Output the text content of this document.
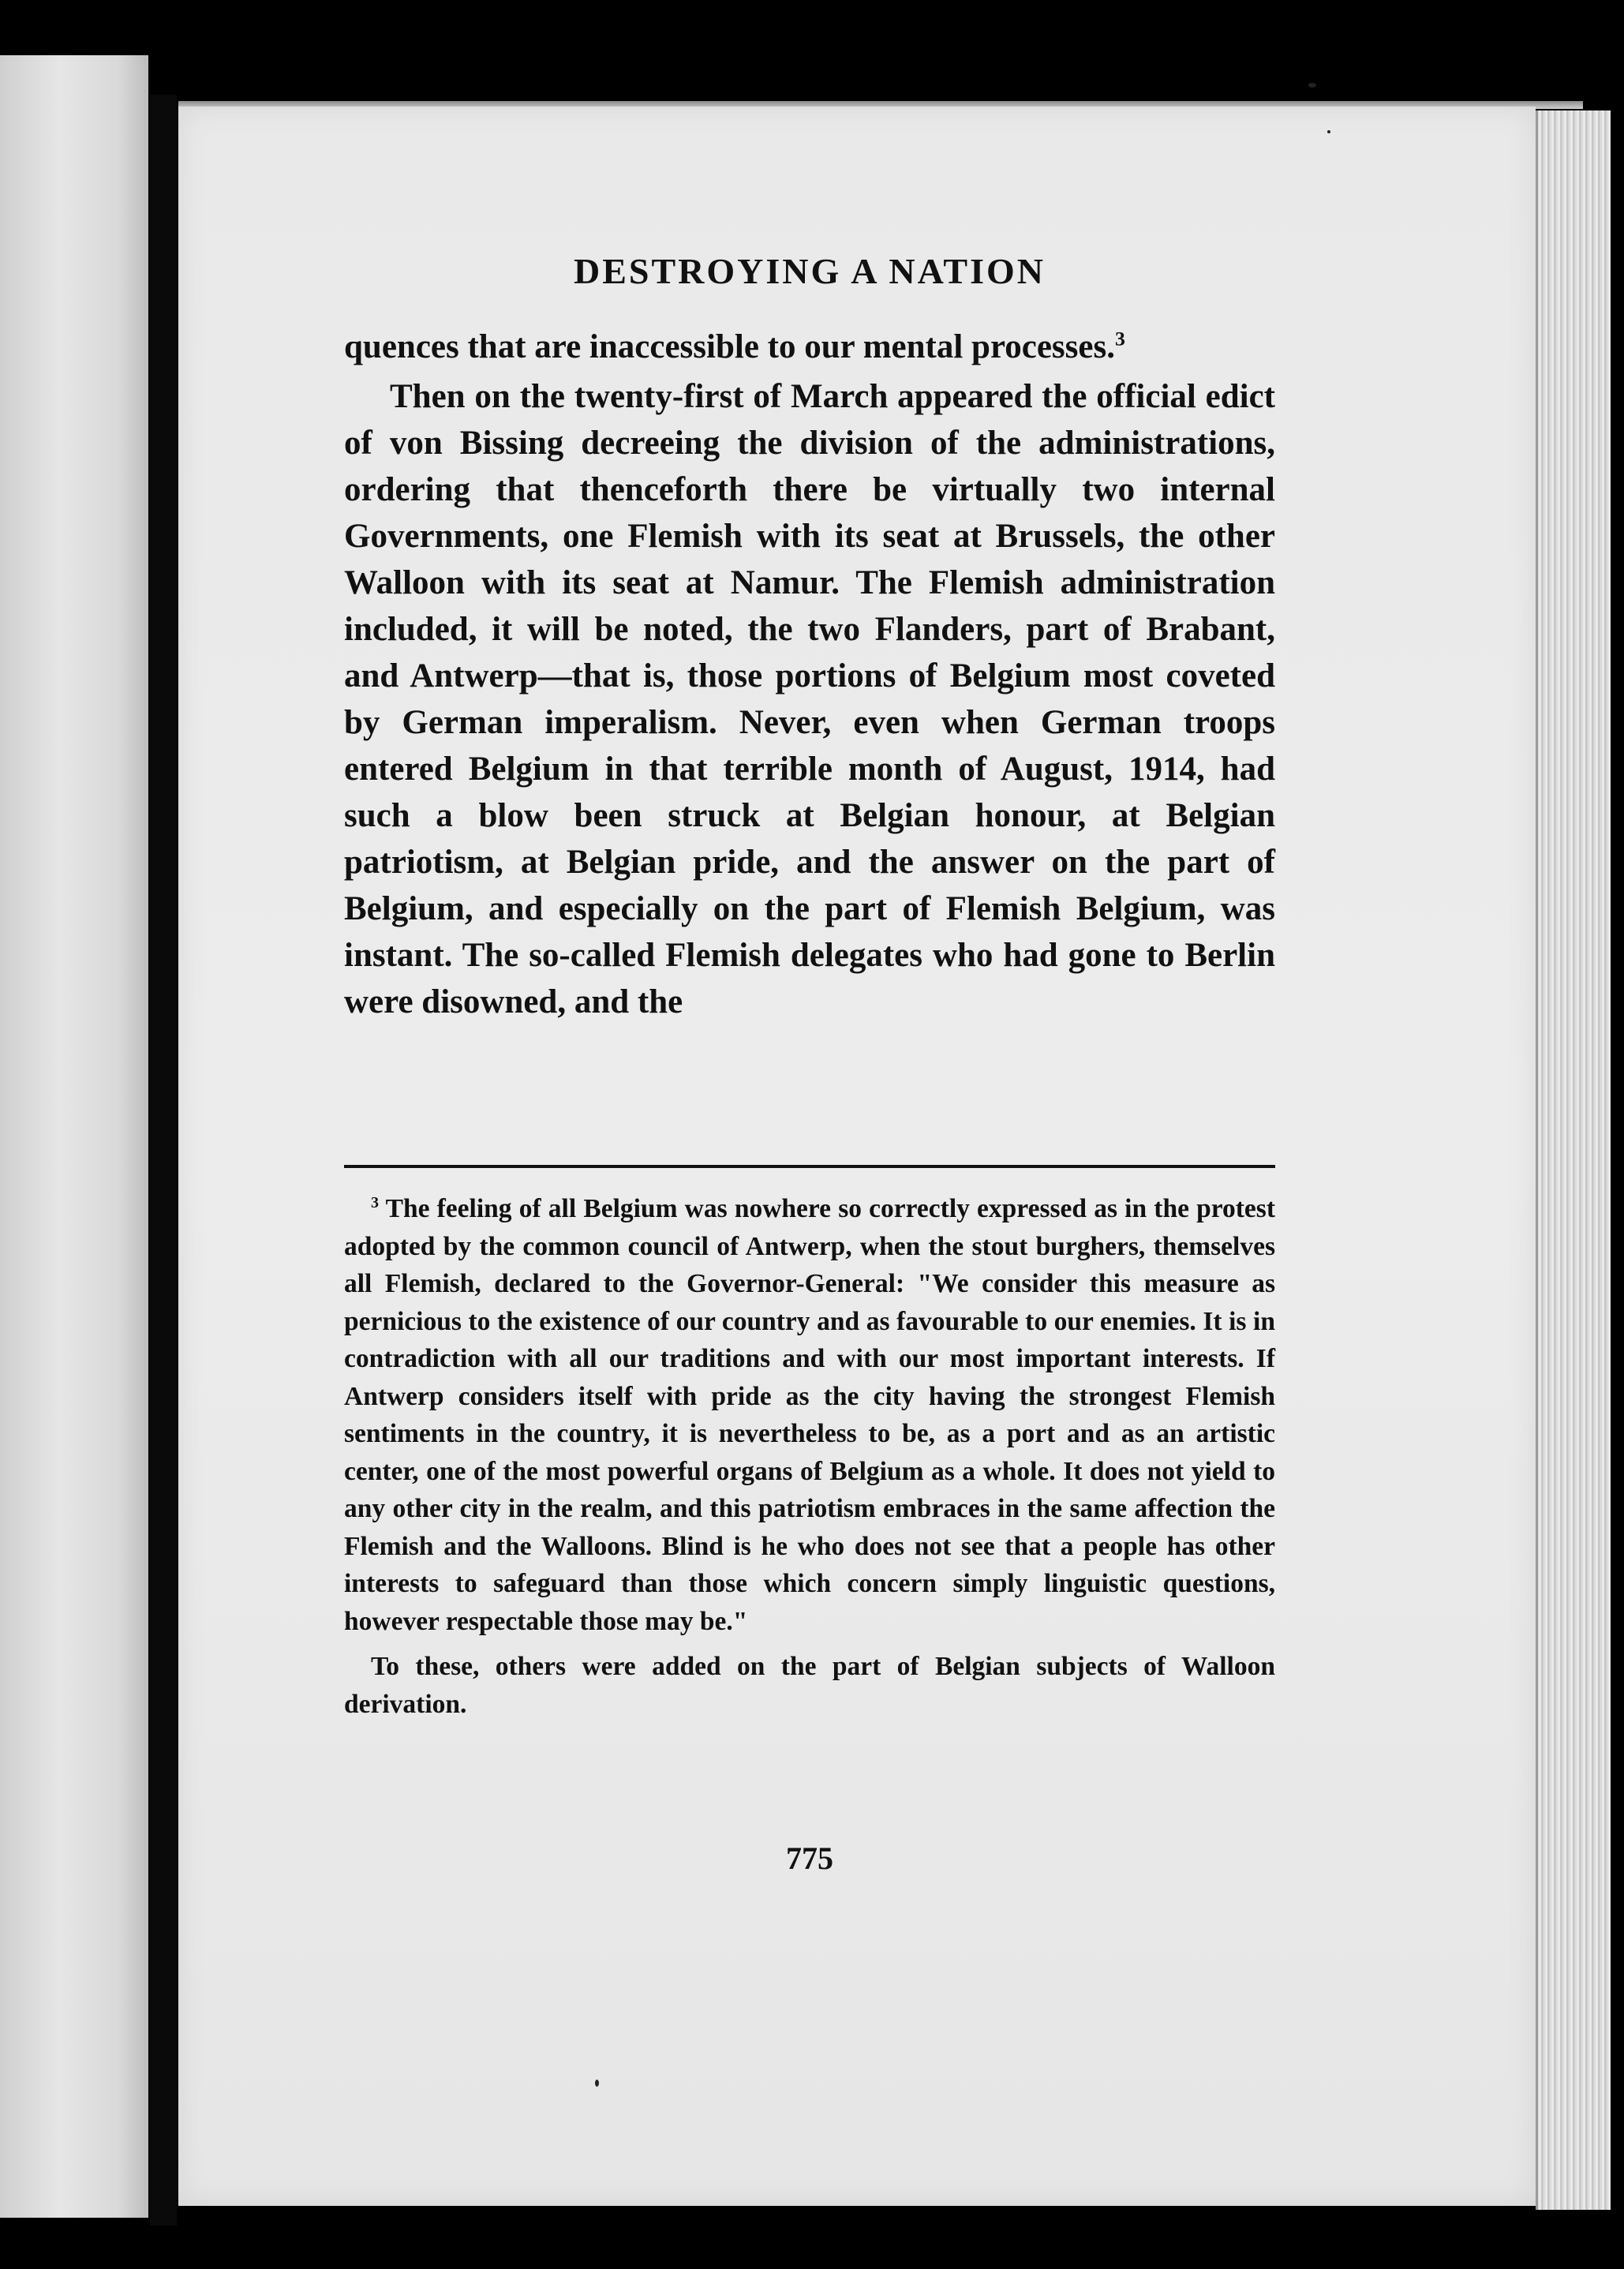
DESTROYING A NATION

quences that are inaccessible to our mental processes.$^3$

Then on the twenty-first of March appeared the official edict of von Bissing decreeing the division of the administrations, ordering that thenceforth there be virtually two internal Governments, one Flemish with its seat at Brussels, the other Walloon with its seat at Namur. The Flemish administration included, it will be noted, the two Flanders, part of Brabant, and Antwerp—that is, those portions of Belgium most coveted by German imperalism. Never, even when German troops entered Belgium in that terrible month of August, 1914, had such a blow been struck at Belgian honour, at Belgian patriotism, at Belgian pride, and the answer on the part of Belgium, and especially on the part of Flemish Belgium, was instant. The so-called Flemish delegates who had gone to Berlin were disowned, and the

$^3$ The feeling of all Belgium was nowhere so correctly expressed as in the protest adopted by the common council of Antwerp, when the stout burghers, themselves all Flemish, declared to the Governor-General: "We consider this measure as pernicious to the existence of our country and as favourable to our enemies. It is in contradiction with all our traditions and with our most important interests. If Antwerp considers itself with pride as the city having the strongest Flemish sentiments in the country, it is nevertheless to be, as a port and as an artistic center, one of the most powerful organs of Belgium as a whole. It does not yield to any other city in the realm, and this patriotism embraces in the same affection the Flemish and the Walloons. Blind is he who does not see that a people has other interests to safeguard than those which concern simply linguistic questions, however respectable those may be."

To these, others were added on the part of Belgian subjects of Walloon derivation.

775
